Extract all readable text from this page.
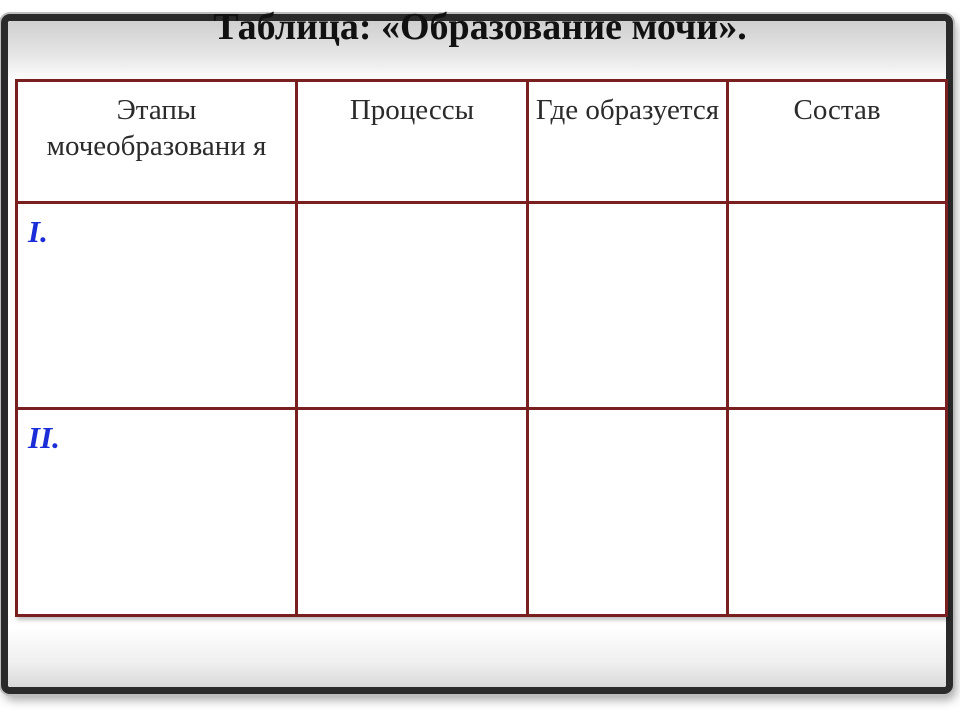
Таблица: «Образование мочи».
Этапы мочеобразовани я	Процессы	Где образуется	Состав

I.			

II.			
